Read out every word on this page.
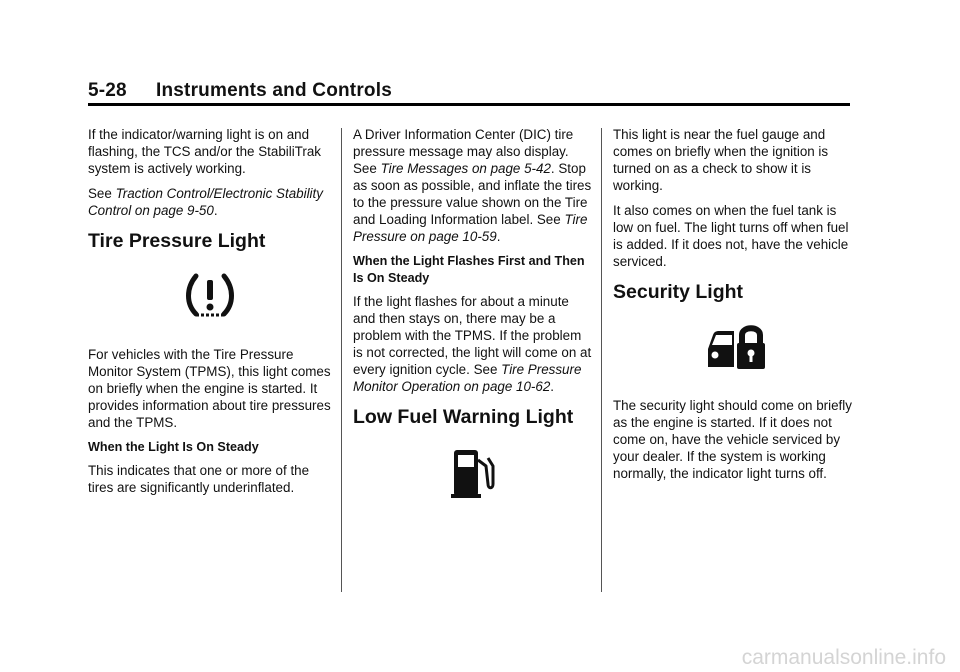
5-28 Instruments and Controls

If the indicator/warning light is on and flashing, the TCS and/or the StabiliTrak system is actively working.

See Traction Control/Electronic Stability Control on page 9-50.

Tire Pressure Light

For vehicles with the Tire Pressure Monitor System (TPMS), this light comes on briefly when the engine is started. It provides information about tire pressures and the TPMS.

When the Light Is On Steady

This indicates that one or more of the tires are significantly underinflated.

A Driver Information Center (DIC) tire pressure message may also display. See Tire Messages on page 5-42. Stop as soon as possible, and inflate the tires to the pressure value shown on the Tire and Loading Information label. See Tire Pressure on page 10-59.

When the Light Flashes First and Then Is On Steady

If the light flashes for about a minute and then stays on, there may be a problem with the TPMS. If the problem is not corrected, the light will come on at every ignition cycle. See Tire Pressure Monitor Operation on page 10-62.

Low Fuel Warning Light

This light is near the fuel gauge and comes on briefly when the ignition is turned on as a check to show it is working.

It also comes on when the fuel tank is low on fuel. The light turns off when fuel is added. If it does not, have the vehicle serviced.

Security Light

The security light should come on briefly as the engine is started. If it does not come on, have the vehicle serviced by your dealer. If the system is working normally, the indicator light turns off.

carmanualsonline.info
